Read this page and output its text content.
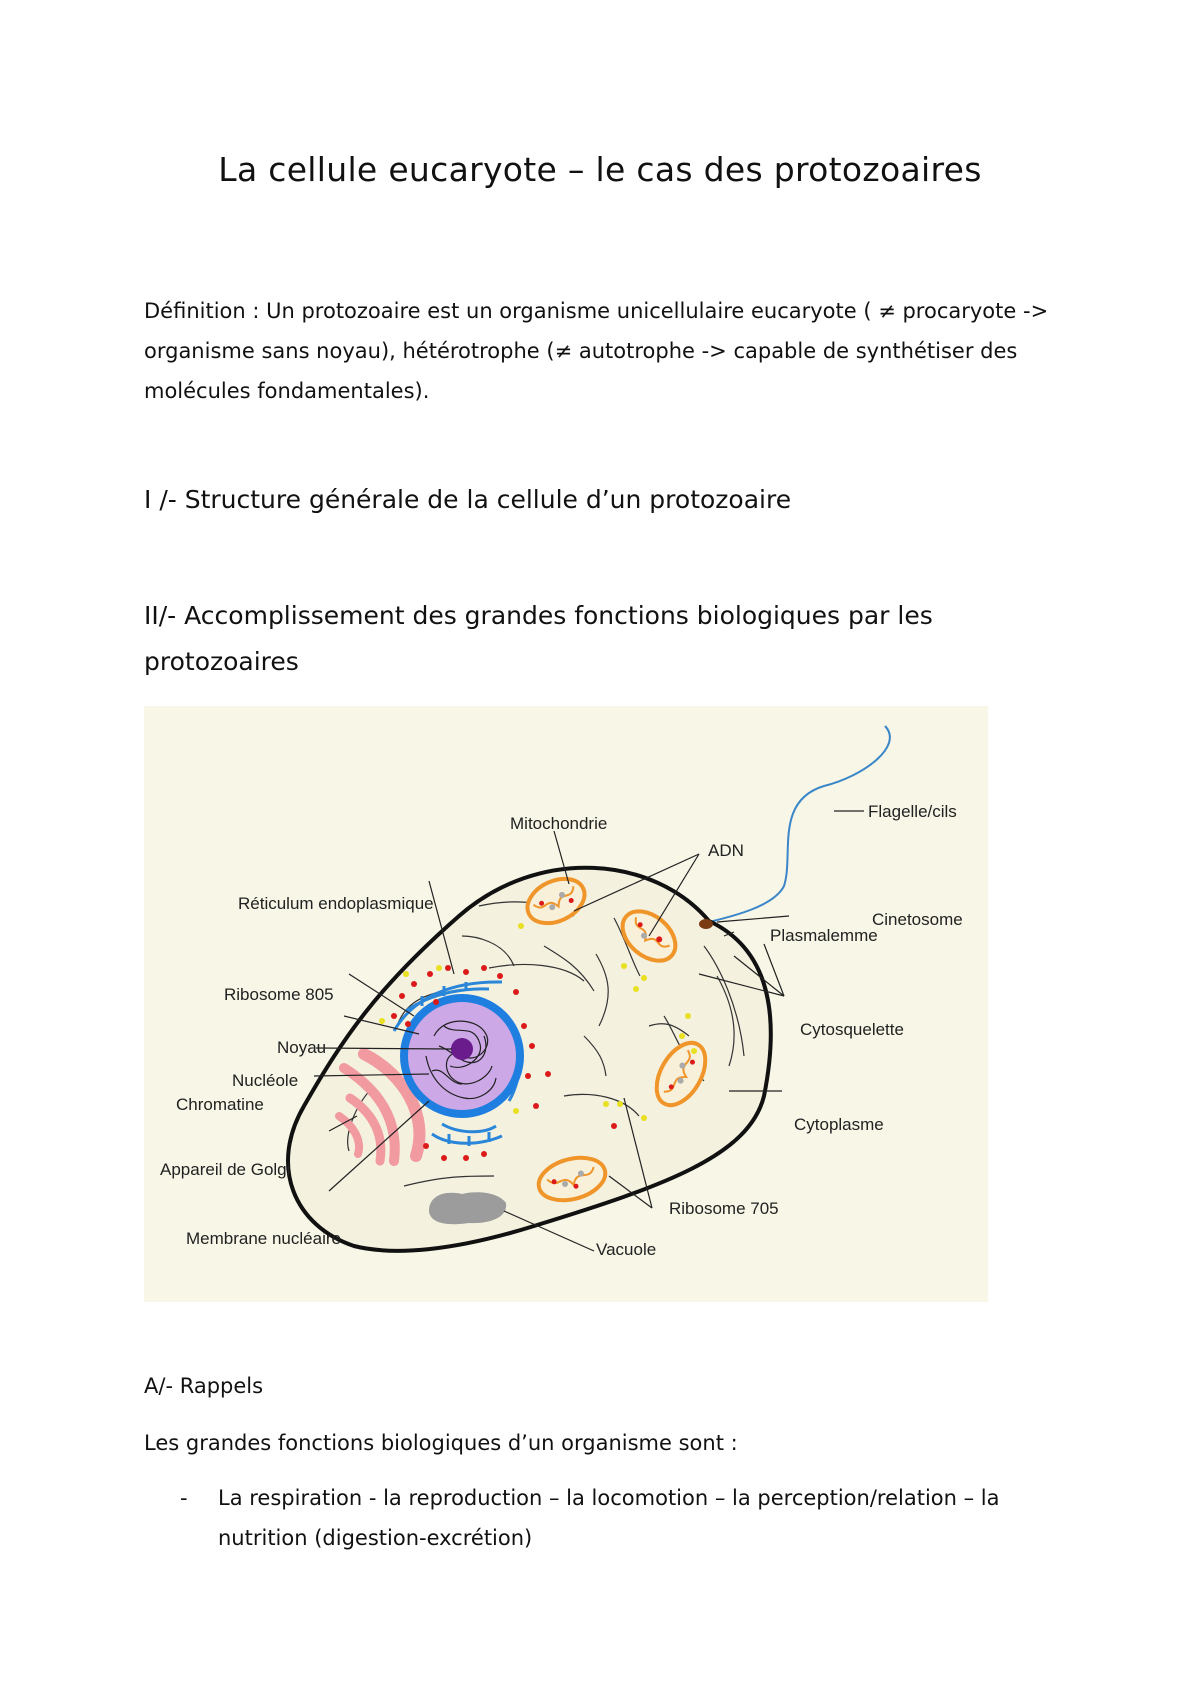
La cellule eucaryote – le cas des protozoaires

Définition : Un protozoaire est un organisme unicellulaire eucaryote ( ≠ procaryote -> organisme sans noyau), hétérotrophe (≠ autotrophe -> capable de synthétiser des molécules fondamentales).

I /- Structure générale de la cellule d’un protozoaire
II/- Accomplissement des grandes fonctions biologiques par les protozoaires
Mitochondrie
Flagelle/cils
ADN
Réticulum endoplasmique
Cinetosome
Plasmalemme
Ribosome 805
Cytosquelette
Noyau
Nucléole
Chromatine
Cytoplasme
Appareil de Golgi
Ribosome 705
Membrane nucléaire
Vacuole
A/- Rappels

Les grandes fonctions biologiques d’un organisme sont :

- La respiration - la reproduction – la locomotion – la perception/relation – la nutrition (digestion-excrétion)
